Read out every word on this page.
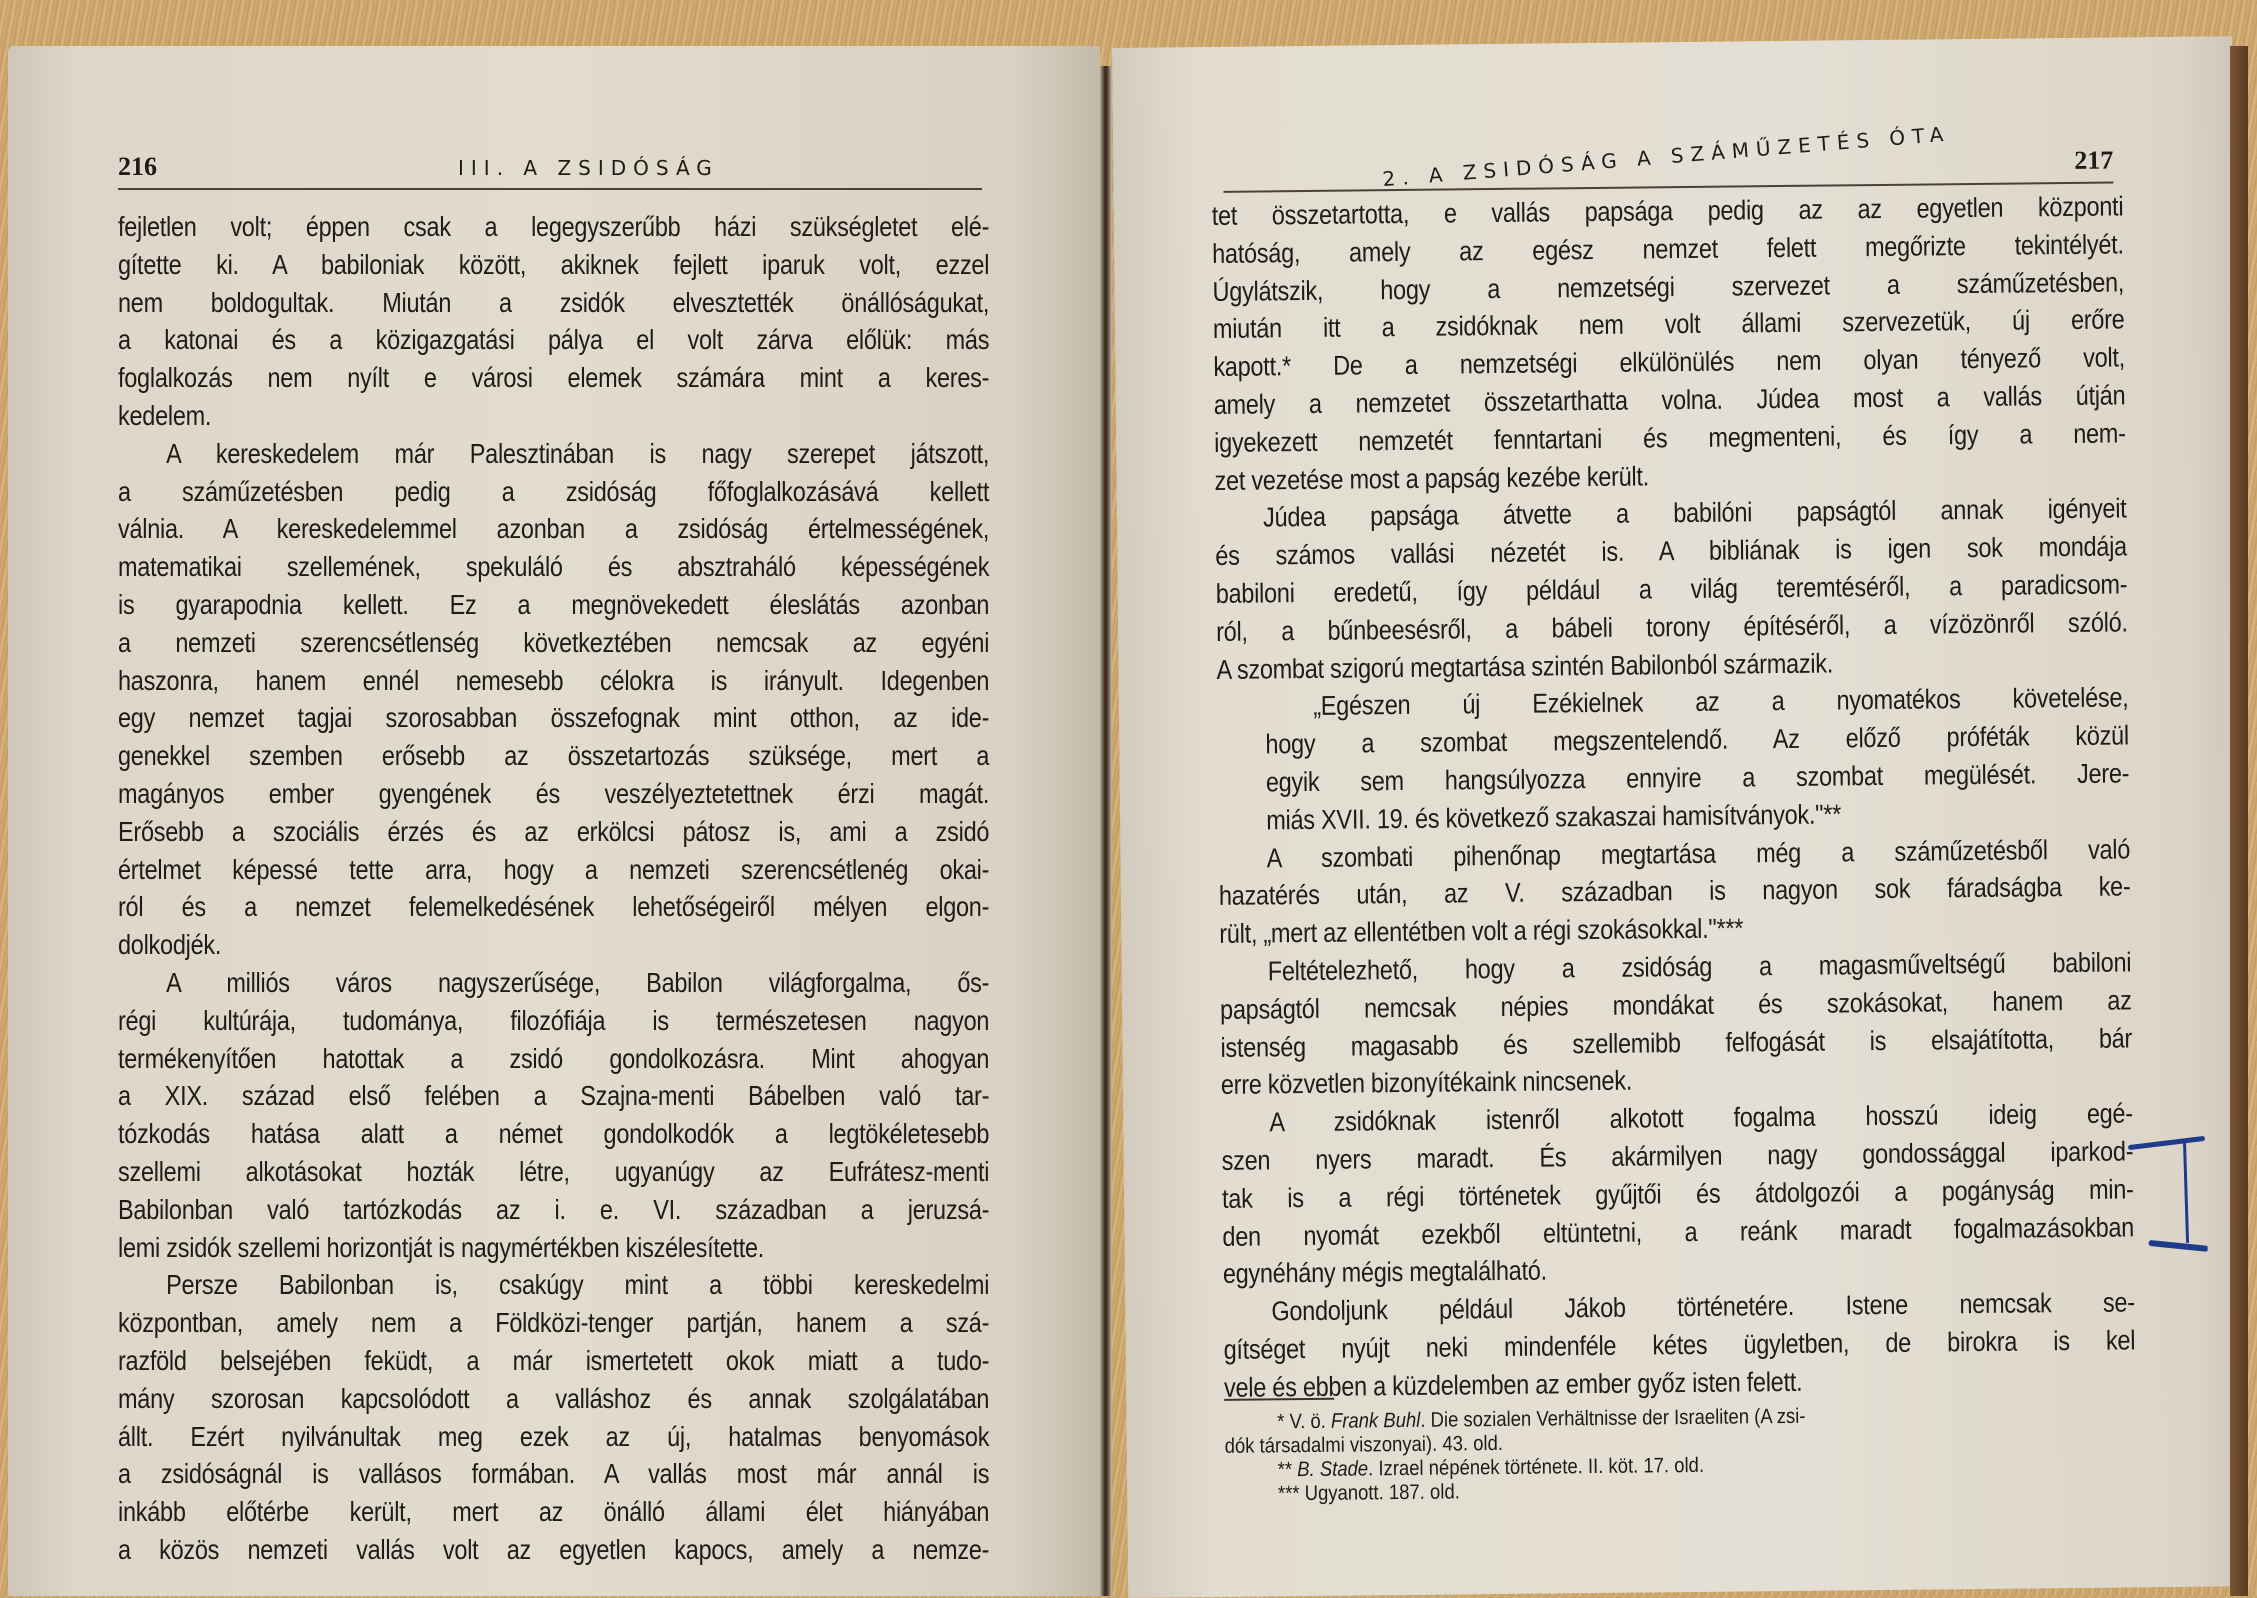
216	III. A ZSIDÓSÁG
fejletlen volt; éppen csak a legegyszerűbb házi szükségletet elé-
gítette ki. A babiloniak között, akiknek fejlett iparuk volt, ezzel
nem boldogultak. Miután a zsidók elvesztették önállóságukat,
a katonai és a közigazgatási pálya el volt zárva előlük: más
foglalkozás nem nyílt e városi elemek számára mint a keres-
kedelem.
A kereskedelem már Palesztinában is nagy szerepet játszott,
a száműzetésben pedig a zsidóság főfoglalkozásává kellett
válnia. A kereskedelemmel azonban a zsidóság értelmességének,
matematikai szellemének, spekuláló és absztraháló képességének
is gyarapodnia kellett. Ez a megnövekedett éleslátás azonban
a nemzeti szerencsétlenség következtében nemcsak az egyéni
haszonra, hanem ennél nemesebb célokra is irányult. Idegenben
egy nemzet tagjai szorosabban összefognak mint otthon, az ide-
genekkel szemben erősebb az összetartozás szüksége, mert a
magányos ember gyengének és veszélyeztetettnek érzi magát.
Erősebb a szociális érzés és az erkölcsi pátosz is, ami a zsidó
értelmet képessé tette arra, hogy a nemzeti szerencsétlenég okai-
ról és a nemzet felemelkedésének lehetőségeiről mélyen elgon-
dolkodjék.
A milliós város nagyszerűsége, Babilon világforgalma, ős-
régi kultúrája, tudománya, filozófiája is természetesen nagyon
termékenyítően hatottak a zsidó gondolkozásra. Mint ahogyan
a XIX. század első felében a Szajna-menti Bábelben való tar-
tózkodás hatása alatt a német gondolkodók a legtökéletesebb
szellemi alkotásokat hozták létre, ugyanúgy az Eufrátesz-menti
Babilonban való tartózkodás az i. e. VI. században a jeruzsá-
lemi zsidók szellemi horizontját is nagymértékben kiszélesítette.
Persze Babilonban is, csakúgy mint a többi kereskedelmi
központban, amely nem a Földközi-tenger partján, hanem a szá-
razföld belsejében feküdt, a már ismertetett okok miatt a tudo-
mány szorosan kapcsolódott a valláshoz és annak szolgálatában
állt. Ezért nyilvánultak meg ezek az új, hatalmas benyomások
a zsidóságnál is vallásos formában. A vallás most már annál is
inkább előtérbe került, mert az önálló állami élet hiányában
a közös nemzeti vallás volt az egyetlen kapocs, amely a nemze-
2. A ZSIDÓSÁG A SZÁMŰZETÉS ÓTA	217
tet összetartotta, e vallás papsága pedig az az egyetlen központi
hatóság, amely az egész nemzet felett megőrizte tekintélyét.
Úgylátszik, hogy a nemzetségi szervezet a száműzetésben,
miután itt a zsidóknak nem volt állami szervezetük, új erőre
kapott.* De a nemzetségi elkülönülés nem olyan tényező volt,
amely a nemzetet összetarthatta volna. Júdea most a vallás útján
igyekezett nemzetét fenntartani és megmenteni, és így a nem-
zet vezetése most a papság kezébe került.
Júdea papsága átvette a babilóni papságtól annak igényeit
és számos vallási nézetét is. A bibliának is igen sok mondája
babiloni eredetű, így például a világ teremtéséről, a paradicsom-
ról, a bűnbeesésről, a bábeli torony építéséről, a vízözönről szóló.
A szombat szigorú megtartása szintén Babilonból származik.
„Egészen új Ezékielnek az a nyomatékos követelése,
hogy a szombat megszentelendő. Az előző próféták közül
egyik sem hangsúlyozza ennyire a szombat megülését. Jere-
miás XVII. 19. és következő szakaszai hamisítványok."**
A szombati pihenőnap megtartása még a száműzetésből való
hazatérés után, az V. században is nagyon sok fáradságba ke-
rült, „mert az ellentétben volt a régi szokásokkal."***
Feltételezhető, hogy a zsidóság a magasműveltségű babiloni
papságtól nemcsak népies mondákat és szokásokat, hanem az
istenség magasabb és szellemibb felfogását is elsajátította, bár
erre közvetlen bizonyítékaink nincsenek.
A zsidóknak istenről alkotott fogalma hosszú ideig egé-
szen nyers maradt. És akármilyen nagy gondossággal iparkod-
tak is a régi történetek gyűjtői és átdolgozói a pogányság min-
den nyomát ezekből eltüntetni, a reánk maradt fogalmazásokban
egynéhány mégis megtalálható.
Gondoljunk például Jákob történetére. Istene nemcsak se-
gítséget nyújt neki mindenféle kétes ügyletben, de birokra is kel
vele és ebben a küzdelemben az ember győz isten felett.
* V. ö. Frank Buhl. Die sozialen Verhältnisse der Israeliten (A zsi-
dók társadalmi viszonyai). 43. old.
** B. Stade. Izrael népének története. II. köt. 17. old.
*** Ugyanott. 187. old.
